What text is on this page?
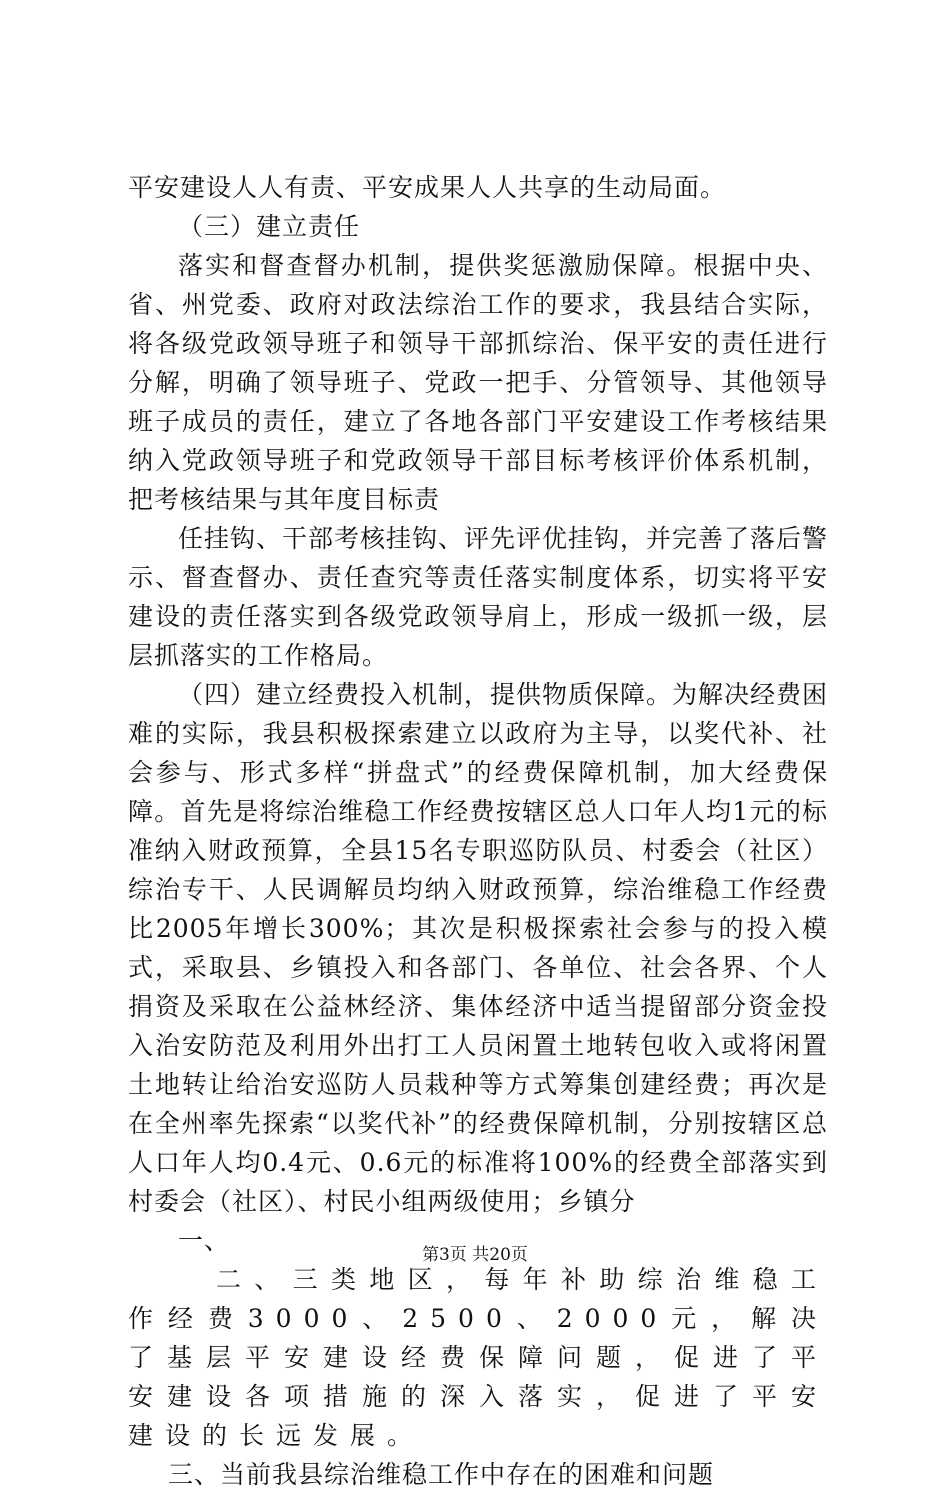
平安建设人人有责、平安成果人人共享的生动局面。

（三）建立责任

落实和督查督办机制，提供奖惩激励保障。根据中央、省、州党委、政府对政法综治工作的要求，我县结合实际，将各级党政领导班子和领导干部抓综治、保平安的责任进行分解，明确了领导班子、党政一把手、分管领导、其他领导班子成员的责任，建立了各地各部门平安建设工作考核结果纳入党政领导班子和党政领导干部目标考核评价体系机制，把考核结果与其年度目标责

任挂钩、干部考核挂钩、评先评优挂钩，并完善了落后警示、督查督办、责任查究等责任落实制度体系，切实将平安建设的责任落实到各级党政领导肩上，形成一级抓一级，层层抓落实的工作格局。

（四）建立经费投入机制，提供物质保障。为解决经费困难的实际，我县积极探索建立以政府为主导，以奖代补、社会参与、形式多样“拼盘式”的经费保障机制，加大经费保障。首先是将综治维稳工作经费按辖区总人口年人均1元的标准纳入财政预算，全县15名专职巡防队员、村委会（社区）综治专干、人民调解员均纳入财政预算，综治维稳工作经费比2005年增长300%；其次是积极探索社会参与的投入模式，采取县、乡镇投入和各部门、各单位、社会各界、个人捐资及采取在公益林经济、集体经济中适当提留部分资金投入治安防范及利用外出打工人员闲置土地转包收入或将闲置土地转让给治安巡防人员栽种等方式筹集创建经费；再次是在全州率先探索“以奖代补”的经费保障机制，分别按辖区总人口年人均0.4元、0.6元的标准将100%的经费全部落实到村委会（社区）、村民小组两级使用；乡镇分

一、

二、三类地区，每年补助综治维稳工作经费3000、2500、2000元，解决了基层平安建设经费保障问题，促进了平安建设各项措施的深入落实，促进了平安建设的长远发展。

三、当前我县综治维稳工作中存在的困难和问题

第3页 共20页
